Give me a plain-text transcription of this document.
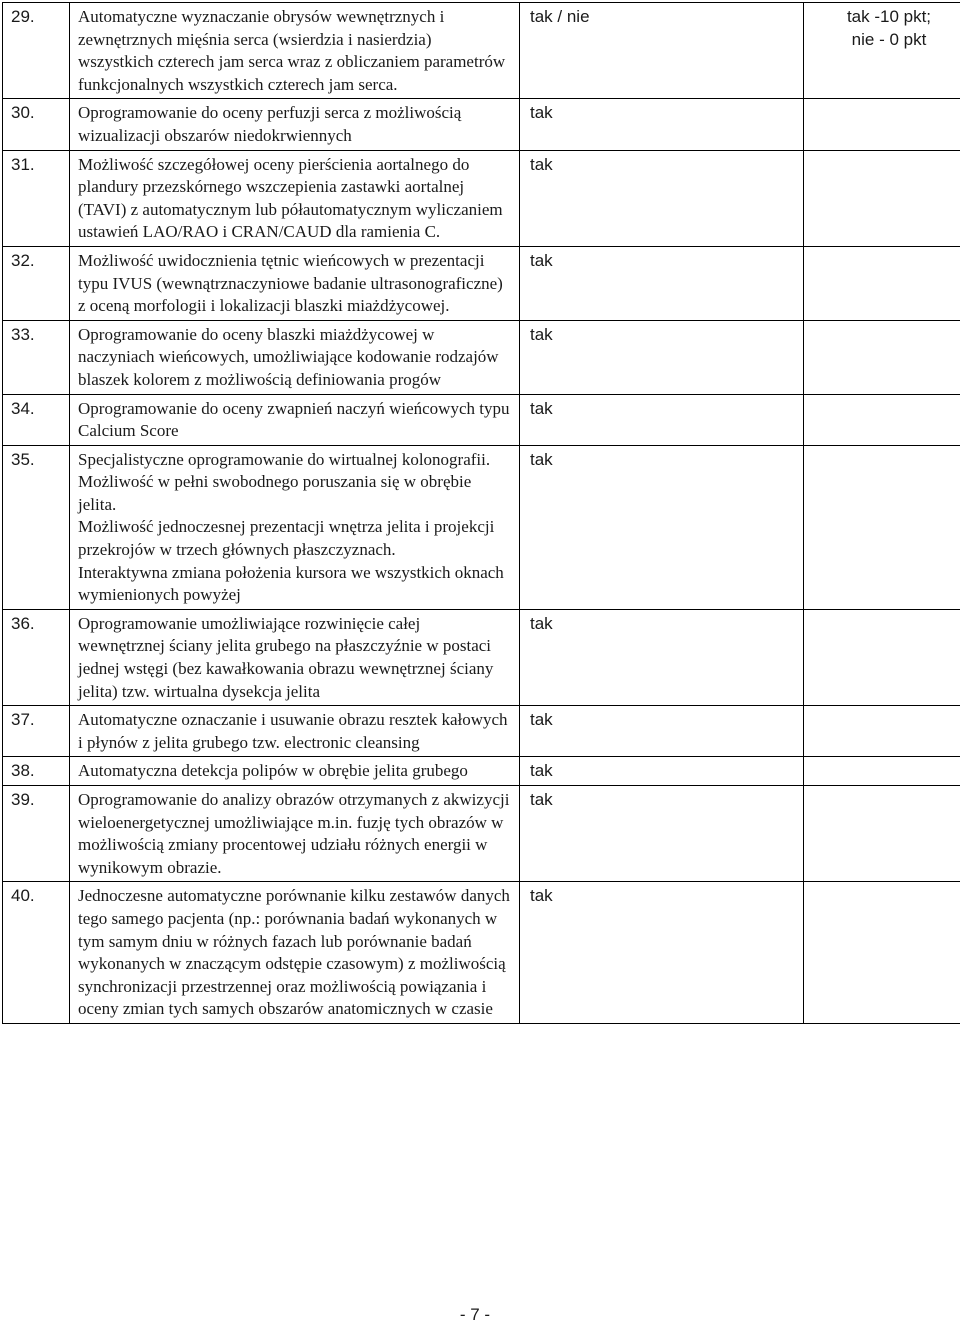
29.	Automatyczne wyznaczanie obrysów wewnętrznych i zewnętrznych mięśnia serca (wsierdzia i nasierdzia) wszystkich czterech jam serca wraz z obliczaniem parametrów funkcjonalnych wszystkich czterech jam serca.	tak / nie	tak -10 pkt;
nie - 0 pkt

30.	Oprogramowanie do oceny perfuzji serca z możliwością wizualizacji obszarów niedokrwiennych	tak	
31.	Możliwość szczegółowej oceny pierścienia aortalnego do plandury przezskórnego wszczepienia zastawki aortalnej (TAVI) z automatycznym lub półautomatycznym wyliczaniem ustawień LAO/RAO i CRAN/CAUD dla ramienia C.	tak	
32.	Możliwość uwidocznienia tętnic wieńcowych w prezentacji typu IVUS (wewnątrznaczyniowe badanie ultrasonograficzne) z oceną morfologii i lokalizacji blaszki miażdżycowej.	tak	
33.	Oprogramowanie do oceny blaszki miażdżycowej w naczyniach wieńcowych, umożliwiające kodowanie rodzajów blaszek kolorem z możliwością definiowania progów	tak	
34.	Oprogramowanie do oceny zwapnień naczyń wieńcowych typu Calcium Score	tak	
35.	Specjalistyczne oprogramowanie do wirtualnej kolonografii. Możliwość w pełni swobodnego poruszania się w obrębie jelita.

Możliwość jednoczesnej prezentacji wnętrza jelita i projekcji przekrojów w trzech głównych płaszczyznach.

Interaktywna zmiana położenia kursora we wszystkich oknach wymienionych powyżej	tak	
36.	Oprogramowanie umożliwiające rozwinięcie całej wewnętrznej ściany jelita grubego na płaszczyźnie w postaci jednej wstęgi (bez kawałkowania obrazu wewnętrznej ściany jelita) tzw. wirtualna dysekcja jelita	tak	
37.	Automatyczne oznaczanie i usuwanie obrazu resztek kałowych i płynów z jelita grubego tzw. electronic cleansing	tak	
38.	Automatyczna detekcja polipów w obrębie jelita grubego	tak	
39.	Oprogramowanie do analizy obrazów otrzymanych z akwizycji wieloenergetycznej umożliwiające m.in. fuzję tych obrazów w możliwością zmiany procentowej udziału różnych energii w wynikowym obrazie.	tak	
40.	Jednoczesne automatyczne porównanie kilku zestawów danych tego samego pacjenta (np.: porównania badań wykonanych w tym samym dniu w różnych fazach lub porównanie badań wykonanych w znaczącym odstępie czasowym) z możliwością synchronizacji przestrzennej oraz możliwością powiązania i oceny zmian tych samych obszarów anatomicznych w czasie	tak	
- 7 -
